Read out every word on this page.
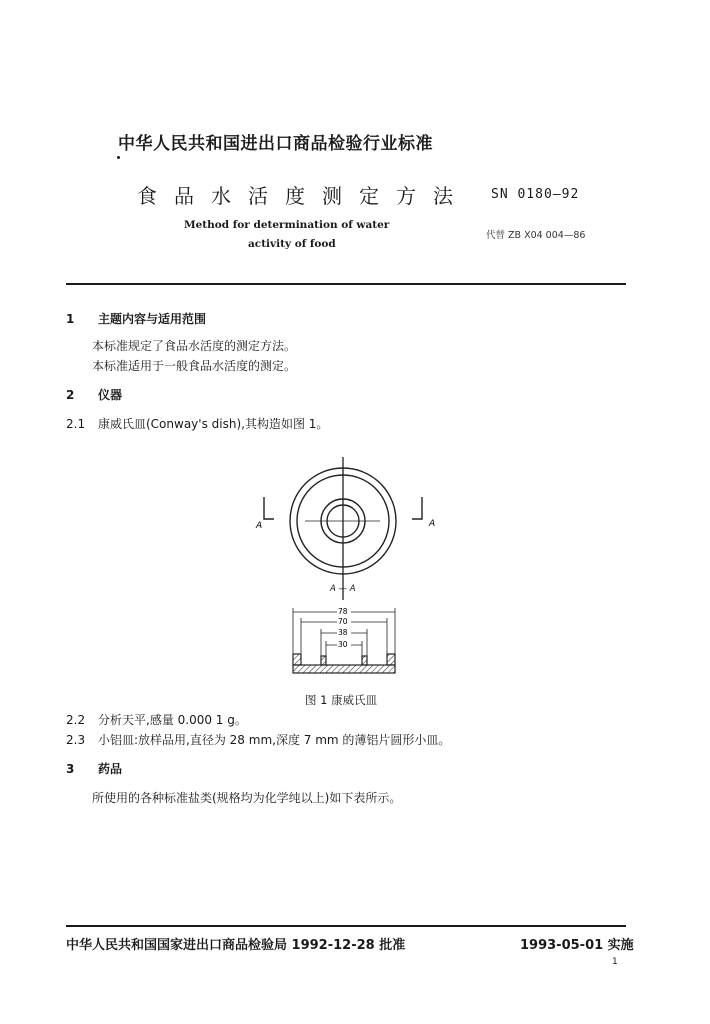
中华人民共和国进出口商品检验行业标准
食品水活度测定方法 SN 0180—92
Method for determination of water
activity of food
代替 ZB X04 004—86
1 主题内容与适用范围
本标准规定了食品水活度的测定方法。
本标准适用于一般食品水活度的测定。
2 仪器
2.1 康威氏皿(Conway's dish),其构造如图 1。
A	A
A — A
78
70
38
30
图 1 康威氏皿
2.2 分析天平,感量 0.000 1 g。
2.3 小铝皿:放样品用,直径为 28 mm,深度 7 mm 的薄铝片圆形小皿。
3 药品
所使用的各种标准盐类(规格均为化学纯以上)如下表所示。
中华人民共和国国家进出口商品检验局 1992-12-28 批准	1993-05-01 实施
1
